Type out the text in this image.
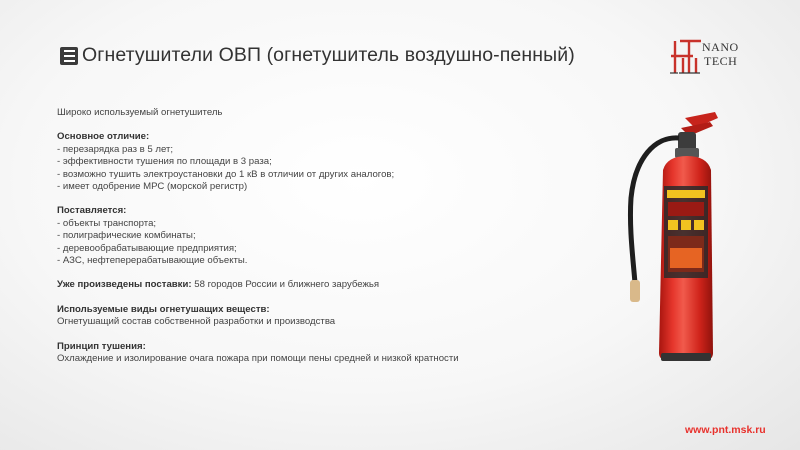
Огнетушители ОВП (огнетушитель воздушно-пенный)	NANO
TECH

Широко используемый огнетушитель

Основное отличие:

- перезарядка раз в 5 лет;

- эффективности тушения по площади в 3 раза;

- возможно тушить электроустановки до 1 кВ в отличии от других аналогов;

- имеет одобрение МРС (морской регистр)

Поставляется:

- объекты транспорта;

- полиграфические комбинаты;

- деревообрабатывающие предприятия;

- АЗС, нефтеперерабатывающие объекты.

Уже произведены поставки: 58 городов России и ближнего зарубежья

Используемые виды огнетушащих веществ:

Огнетушащий состав собственной разработки и производства

Принцип тушения:

Охлаждение и изолирование очага пожара при помощи пены средней и низкой кратности

www.pnt.msk.ru
